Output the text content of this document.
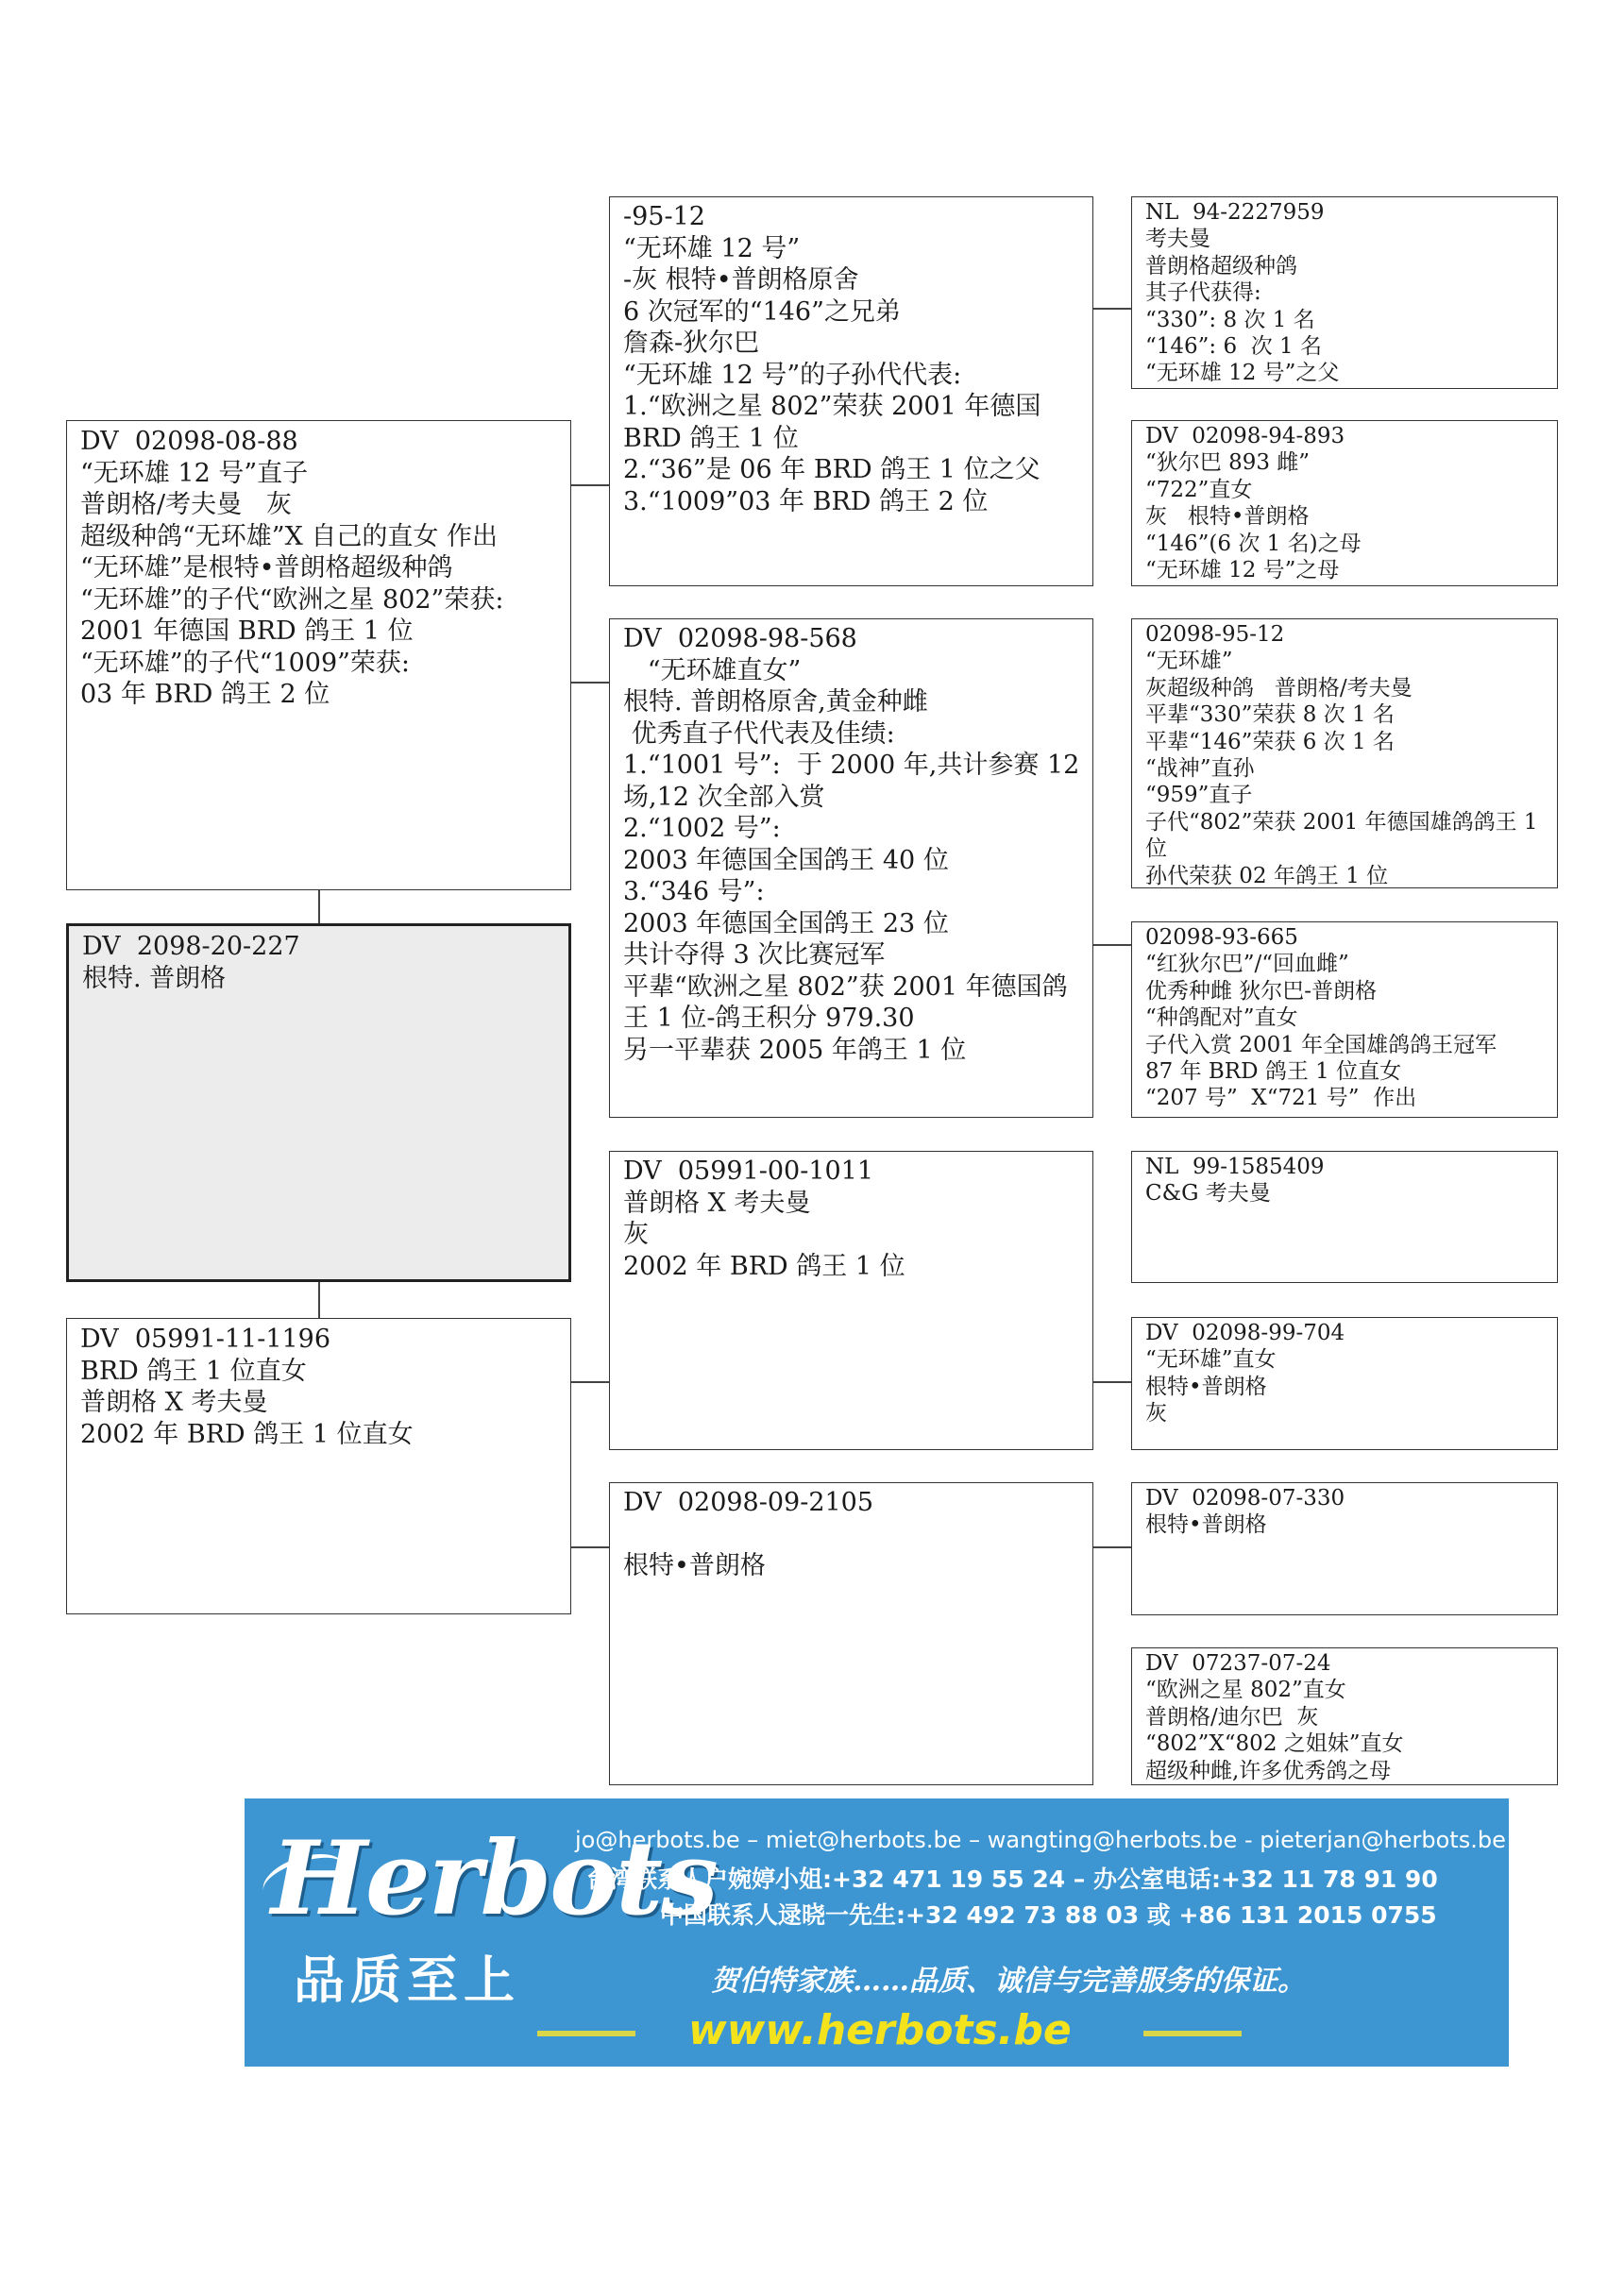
DV  02098-08-88
“无环雄 12 号”直子
普朗格/考夫曼   灰
超级种鸽“无环雄”X 自己的直女 作出
“无环雄”是根特•普朗格超级种鸽
“无环雄”的子代“欧洲之星 802”荣获:
2001 年德国 BRD 鸽王 1 位
“无环雄”的子代“1009”荣获:
03 年 BRD 鸽王 2 位
DV  2098-20-227
根特. 普朗格
DV  05991-11-1196
BRD 鸽王 1 位直女
普朗格 X 考夫曼
2002 年 BRD 鸽王 1 位直女
-95-12
“无环雄 12 号”
-灰 根特•普朗格原舍
6 次冠军的“146”之兄弟
詹森-狄尔巴
“无环雄 12 号”的子孙代代表:
1.“欧洲之星 802”荣获 2001 年德国 BRD 鸽王 1 位
2.“36”是 06 年 BRD 鸽王 1 位之父
3.“1009”03 年 BRD 鸽王 2 位
DV  02098-98-568
“无环雄直女”
根特. 普朗格原舍,黄金种雌
优秀直子代代表及佳绩:
1.“1001 号”:  于 2000 年,共计参赛 12 场,12 次全部入赏
2.“1002 号”:
2003 年德国全国鸽王 40 位
3.“346 号”:
2003 年德国全国鸽王 23 位
共计夺得 3 次比赛冠军
平辈“欧洲之星 802”获 2001 年德国鸽王 1 位-鸽王积分 979.30
另一平辈获 2005 年鸽王 1 位
DV  05991-00-1011
普朗格 X 考夫曼
灰
2002 年 BRD 鸽王 1 位
DV  02098-09-2105

根特•普朗格
NL  94-2227959
考夫曼
普朗格超级种鸽
其子代获得:
“330”: 8 次 1 名
“146”: 6  次 1 名
“无环雄 12 号”之父
DV  02098-94-893
“狄尔巴 893 雌”
“722”直女
灰   根特•普朗格
“146”(6 次 1 名)之母
“无环雄 12 号”之母
02098-95-12
“无环雄”
灰超级种鸽   普朗格/考夫曼
平辈“330”荣获 8 次 1 名
平辈“146”荣获 6 次 1 名
“战神”直孙
“959”直子
子代“802”荣获 2001 年德国雄鸽鸽王 1 位
孙代荣获 02 年鸽王 1 位
02098-93-665
“红狄尔巴”/“回血雌”
优秀种雌 狄尔巴-普朗格
“种鸽配对”直女
子代入赏 2001 年全国雄鸽鸽王冠军
87 年 BRD 鸽王 1 位直女
“207 号”  X“721 号”  作出
NL  99-1585409
C&G 考夫曼
DV  02098-99-704
“无环雄”直女
根特•普朗格
灰
DV  02098-07-330
根特•普朗格
DV  07237-07-24
“欧洲之星 802”直女
普朗格/迪尔巴  灰
“802”X“802 之姐妹”直女
超级种雌,许多优秀鸽之母
Herbots
品质至上
jo@herbots.be – miet@herbots.be – wangting@herbots.be - pieterjan@herbots.be
台湾联系人户婉婷小姐:+32 471 19 55 24 – 办公室电话:+32 11 78 91 90
中国联系人逯晓一先生:+32 492 73 88 03 或 +86 131 2015 0755
贺伯特家族……品质、诚信与完善服务的保证。
www.herbots.be
